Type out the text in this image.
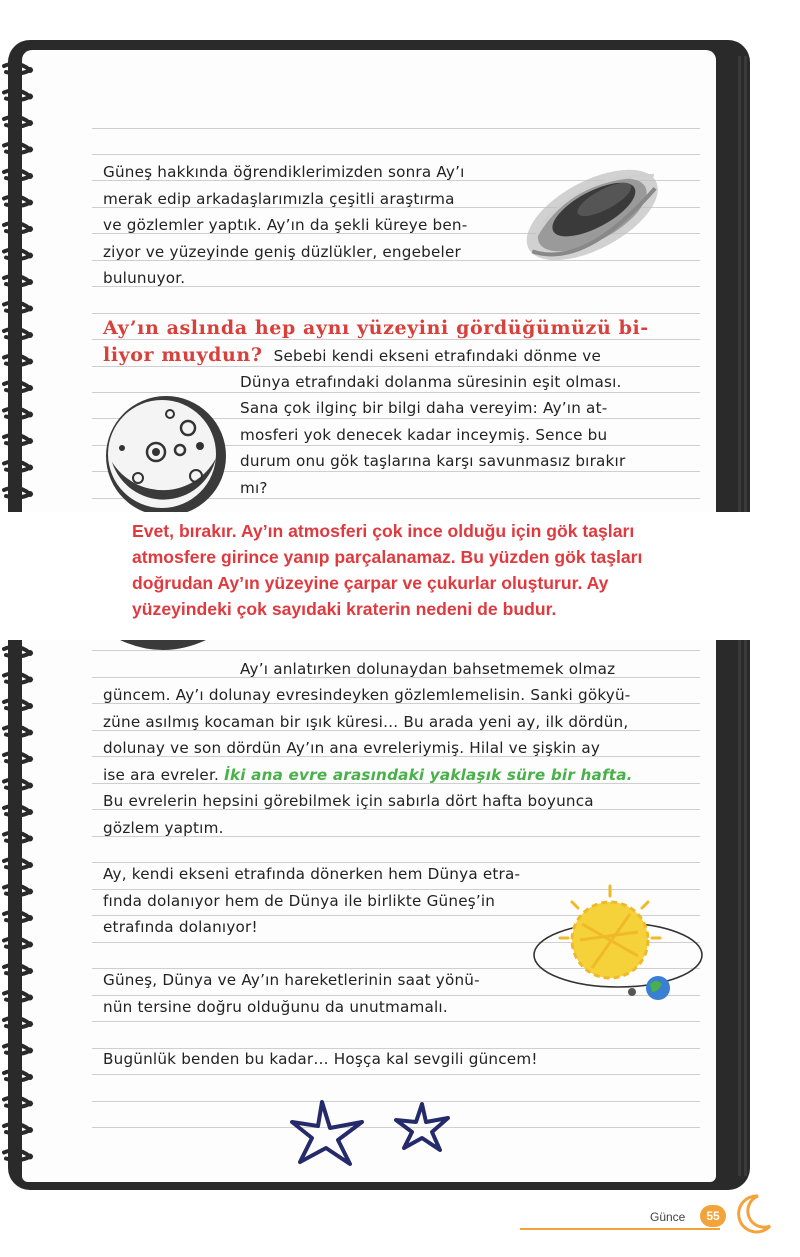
Güneş hakkında öğrendiklerimizden sonra Ay’ı
merak edip arkadaşlarımızla çeşitli araştırma
ve gözlemler yaptık. Ay’ın da şekli küreye ben-
ziyor ve yüzeyinde geniş düzlükler, engebeler
bulunuyor.
Ay’ın aslında hep aynı yüzeyini gördüğümüzü bi-
liyor muydun? Sebebi kendi ekseni etrafındaki dönme ve
Dünya etrafındaki dolanma süresinin eşit olması.
Sana çok ilginç bir bilgi daha vereyim: Ay’ın at-
mosferi yok denecek kadar inceymiş. Sence bu
durum onu gök taşlarına karşı savunmasız bırakır
mı?
Evet, bırakır. Ay’ın atmosferi çok ince olduğu için gök taşları
atmosfere girince yanıp parçalanamaz. Bu yüzden gök taşları
doğrudan Ay’ın yüzeyine çarpar ve çukurlar oluşturur. Ay
yüzeyindeki çok sayıdaki kraterin nedeni de budur.
Ay’ı anlatırken dolunaydan bahsetmemek olmaz
güncem. Ay’ı dolunay evresindeyken gözlemlemelisin. Sanki gökyü-
züne asılmış kocaman bir ışık küresi… Bu arada yeni ay, ilk dördün,
dolunay ve son dördün Ay’ın ana evreleriymiş. Hilal ve şişkin ay
ise ara evreler. İki ana evre arasındaki yaklaşık süre bir hafta.
Bu evrelerin hepsini görebilmek için sabırla dört hafta boyunca
gözlem yaptım.
Ay, kendi ekseni etrafında dönerken hem Dünya etra-
fında dolanıyor hem de Dünya ile birlikte Güneş’in
etrafında dolanıyor!
Güneş, Dünya ve Ay’ın hareketlerinin saat yönü-
nün tersine doğru olduğunu da unutmamalı.
Bugünlük benden bu kadar… Hoşça kal sevgili güncem!
Günce	55
